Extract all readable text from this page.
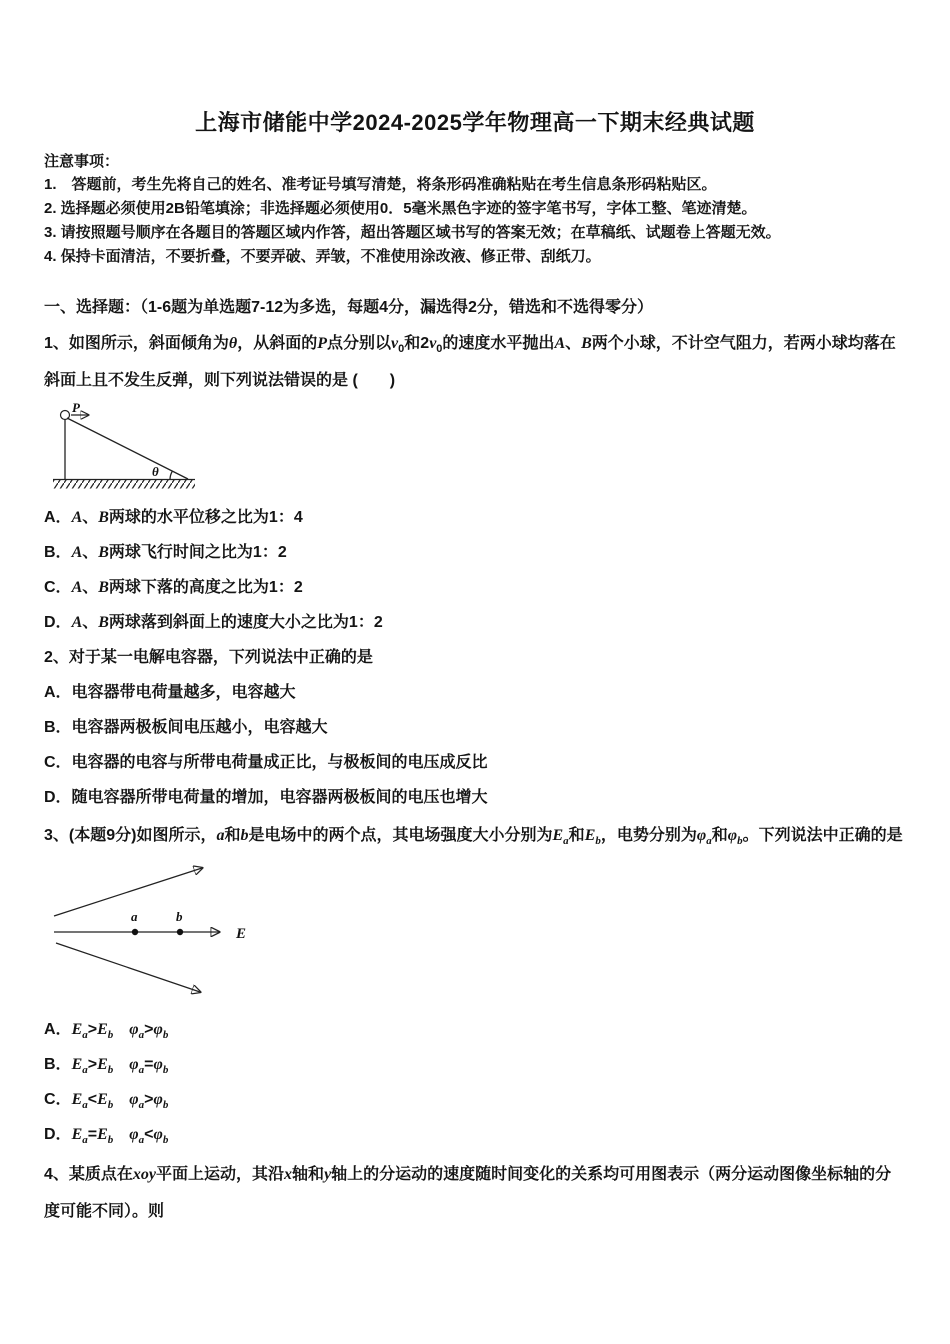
上海市储能中学2024-2025学年物理高一下期末经典试题
注意事项：
1.　答题前，考生先将自己的姓名、准考证号填写清楚，将条形码准确粘贴在考生信息条形码粘贴区。
2. 选择题必须使用2B铅笔填涂；非选择题必须使用0．5毫米黑色字迹的签字笔书写，字体工整、笔迹清楚。
3. 请按照题号顺序在各题目的答题区域内作答，超出答题区域书写的答案无效；在草稿纸、试题卷上答题无效。
4. 保持卡面清洁，不要折叠，不要弄破、弄皱，不准使用涂改液、修正带、刮纸刀。
一、选择题：（1-6题为单选题7-12为多选，每题4分，漏选得2分，错选和不选得零分）

1、如图所示，斜面倾角为θ，从斜面的P点分别以$v_0$和$2v_0$的速度水平抛出A、B两个小球，不计空气阻力，若两小球均落在斜面上且不发生反弹，则下列说法错误的是 (　　)

P
θ
A．A、B两球的水平位移之比为1：4
B．A、B两球飞行时间之比为1：2
C．A、B两球下落的高度之比为1：2
D．A、B两球落到斜面上的速度大小之比为1：2

2、对于某一电解电容器，下列说法中正确的是

A．电容器带电荷量越多，电容越大
B．电容器两极板间电压越小，电容越大
C．电容器的电容与所带电荷量成正比，与极板间的电压成反比
D．随电容器所带电荷量的增加，电容器两极板间的电压也增大

3、(本题9分)如图所示，a和b是电场中的两个点，其电场强度大小分别为$E_a$和$E_b$，电势分别为$\varphi_a$和$\varphi_b$。下列说法中正确的是

a	b
E
A．$E_a>E_b$　 $\varphi_a>\varphi_b$
B．$E_a>E_b$　 $\varphi_a=\varphi_b$
C．$E_a<E_b$　 $\varphi_a>\varphi_b$
D．$E_a=E_b$　 $\varphi_a<\varphi_b$

4、某质点在xoy平面上运动，其沿x轴和y轴上的分运动的速度随时间变化的关系均可用图表示（两分运动图像坐标轴的分度可能不同）。则
